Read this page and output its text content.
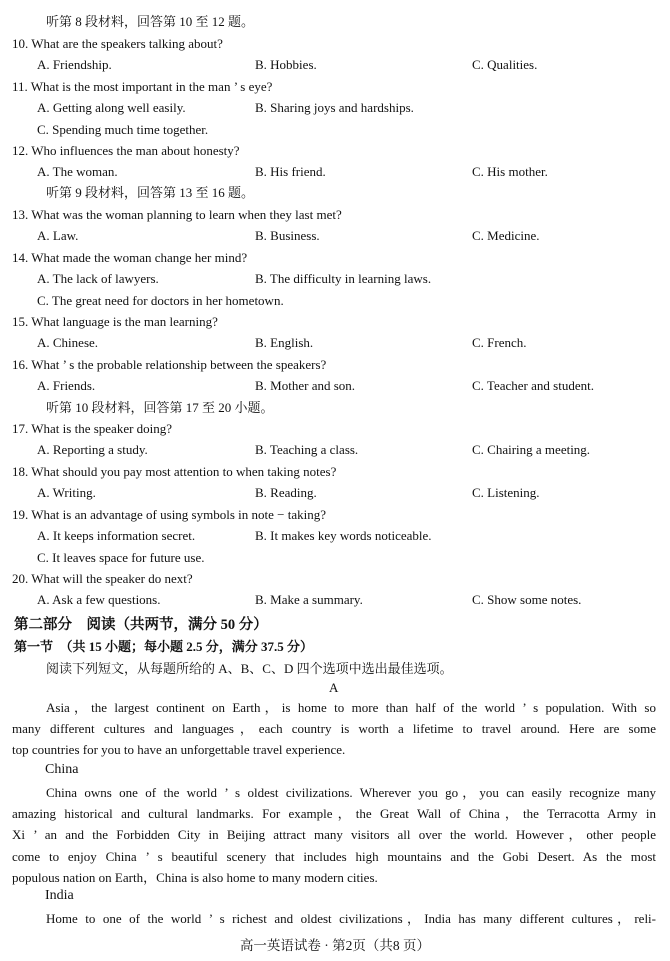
听第 8 段材料，回答第 10 至 12 题。
10. What are the speakers talking about?
A. Friendship.	B. Hobbies.	C. Qualities.
11. What is the most important in the man ’ s eye?
A. Getting along well easily.	B. Sharing joys and hardships.
C. Spending much time together.
12. Who influences the man about honesty?
A. The woman.	B. His friend.	C. His mother.
听第 9 段材料，回答第 13 至 16 题。
13. What was the woman planning to learn when they last met?
A. Law.	B. Business.	C. Medicine.
14. What made the woman change her mind?
A. The lack of lawyers.	B. The difficulty in learning laws.
C. The great need for doctors in her hometown.
15. What language is the man learning?
A. Chinese.	B. English.	C. French.
16. What ’ s the probable relationship between the speakers?
A. Friends.	B. Mother and son.	C. Teacher and student.
听第 10 段材料，回答第 17 至 20 小题。
17. What is the speaker doing?
A. Reporting a study.	B. Teaching a class.	C. Chairing a meeting.
18. What should you pay most attention to when taking notes?
A. Writing.	B. Reading.	C. Listening.
19. What is an advantage of using symbols in note − taking?
A. It keeps information secret.	B. It makes key words noticeable.
C. It leaves space for future use.
20. What will the speaker do next?
A. Ask a few questions.	B. Make a summary.	C. Show some notes.
第二部分　阅读（共两节，满分 50 分）
第一节　（共 15 小题；每小题 2.5 分，满分 37.5 分）
阅读下列短文，从每题所给的 A、B、C、D 四个选项中选出最佳选项。
A
Asia，the largest continent on Earth，is home to more than half of the world ’ s population. With so
many different cultures and languages，each country is worth a lifetime to travel around. Here are some
top countries for you to have an unforgettable travel experience.
China
China owns one of the world ’ s oldest civilizations. Wherever you go，you can easily recognize many
amazing historical and cultural landmarks. For example，the Great Wall of China，the Terracotta Army in
Xi ’ an and the Forbidden City in Beijing attract many visitors all over the world. However，other people
come to enjoy China ’ s beautiful scenery that includes high mountains and the Gobi Desert. As the most
populous nation on Earth，China is also home to many modern cities.
India
Home to one of the world ’ s richest and oldest civilizations，India has many different cultures，reli-
高一英语试卷 · 第2页（共8 页）
